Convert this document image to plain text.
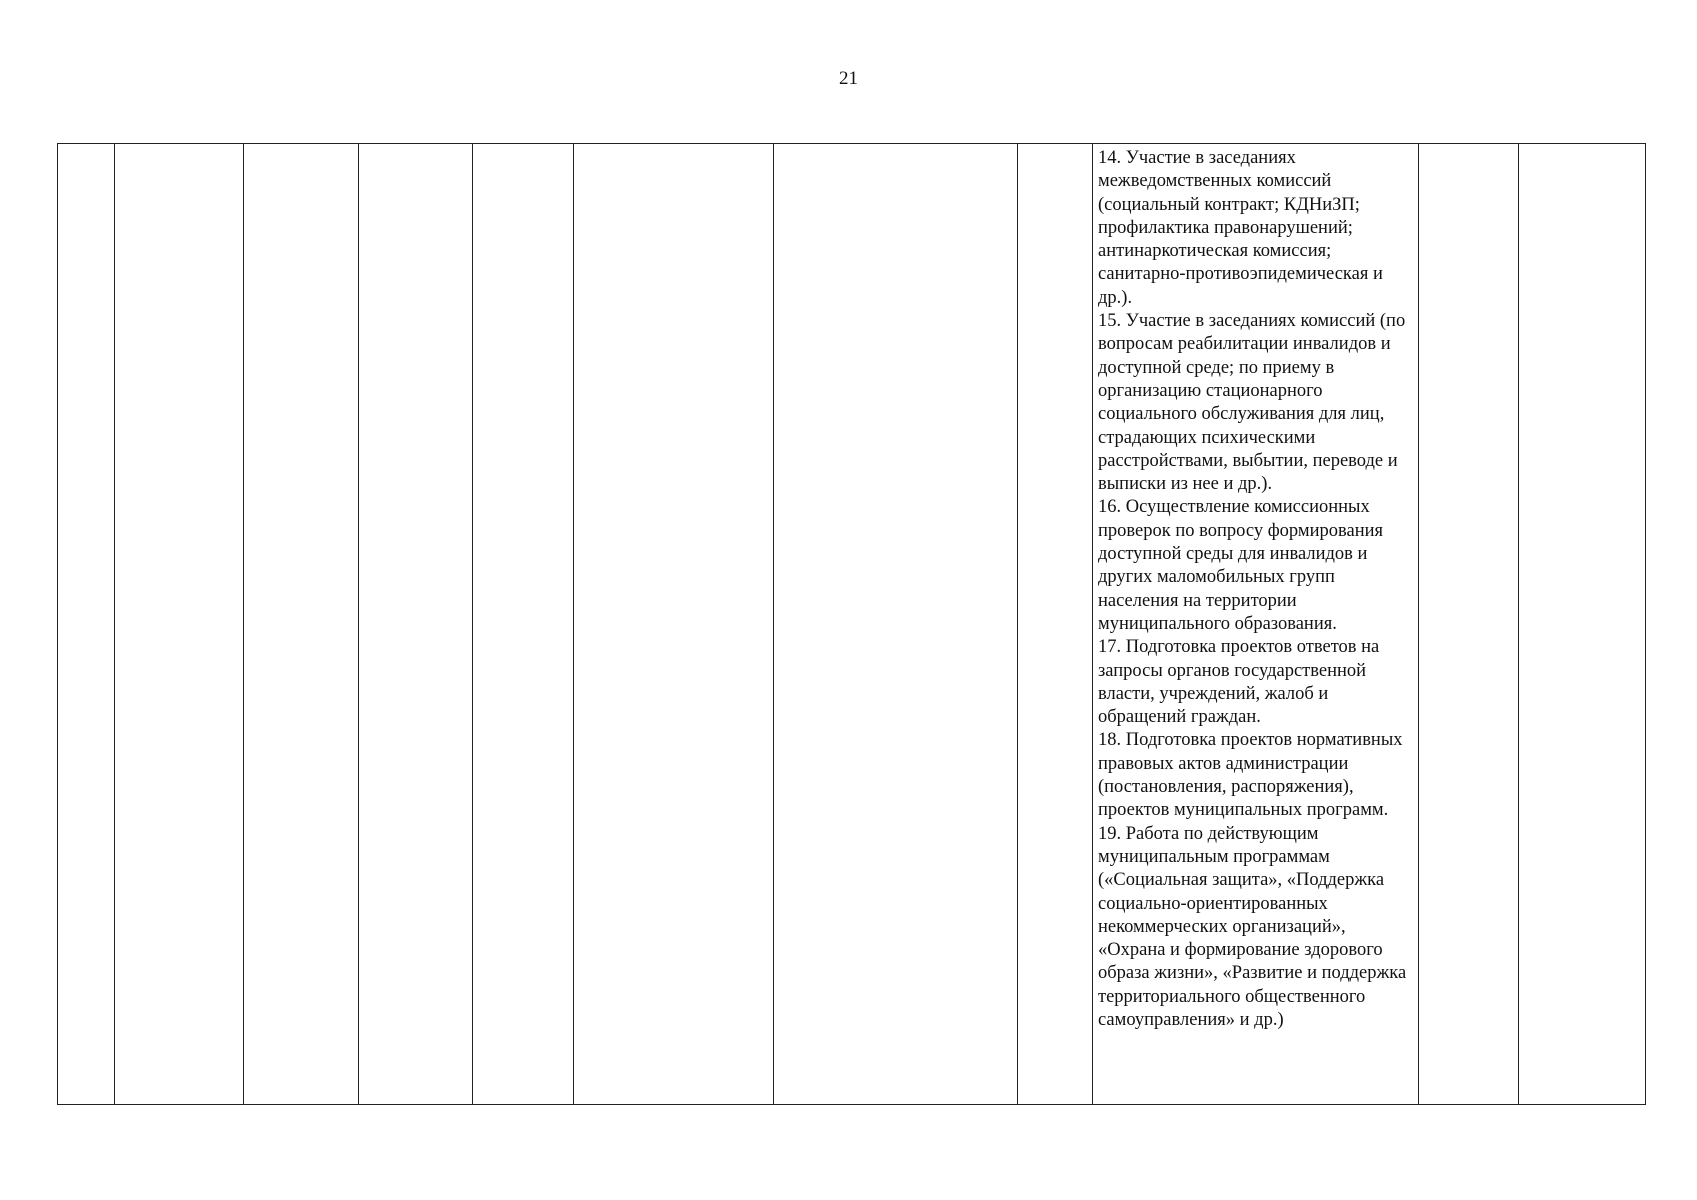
21

14. Участие в заседаниях межведомственных комиссий (социальный контракт; КДНиЗП; профилактика правонарушений; антинаркотическая комиссия; санитарно-противоэпидемическая и др.).
15. Участие в заседаниях комиссий (по вопросам реабилитации инвалидов и доступной среде; по приему в организацию стационарного социального обслуживания для лиц, страдающих психическими расстройствами, выбытии, переводе и выписки из нее и др.).
16. Осуществление комиссионных проверок по вопросу формирования доступной среды для инвалидов и других маломобильных групп населения на территории муниципального образования.
17. Подготовка проектов ответов на запросы органов государственной власти, учреждений, жалоб и обращений граждан.
18. Подготовка проектов нормативных правовых актов администрации (постановления, распоряжения), проектов муниципальных программ.
19. Работа по действующим муниципальным программам («Социальная защита», «Поддержка социально-ориентированных некоммерческих организаций», «Охрана и формирование здорового образа жизни», «Развитие и поддержка территориального общественного самоуправления» и др.)
